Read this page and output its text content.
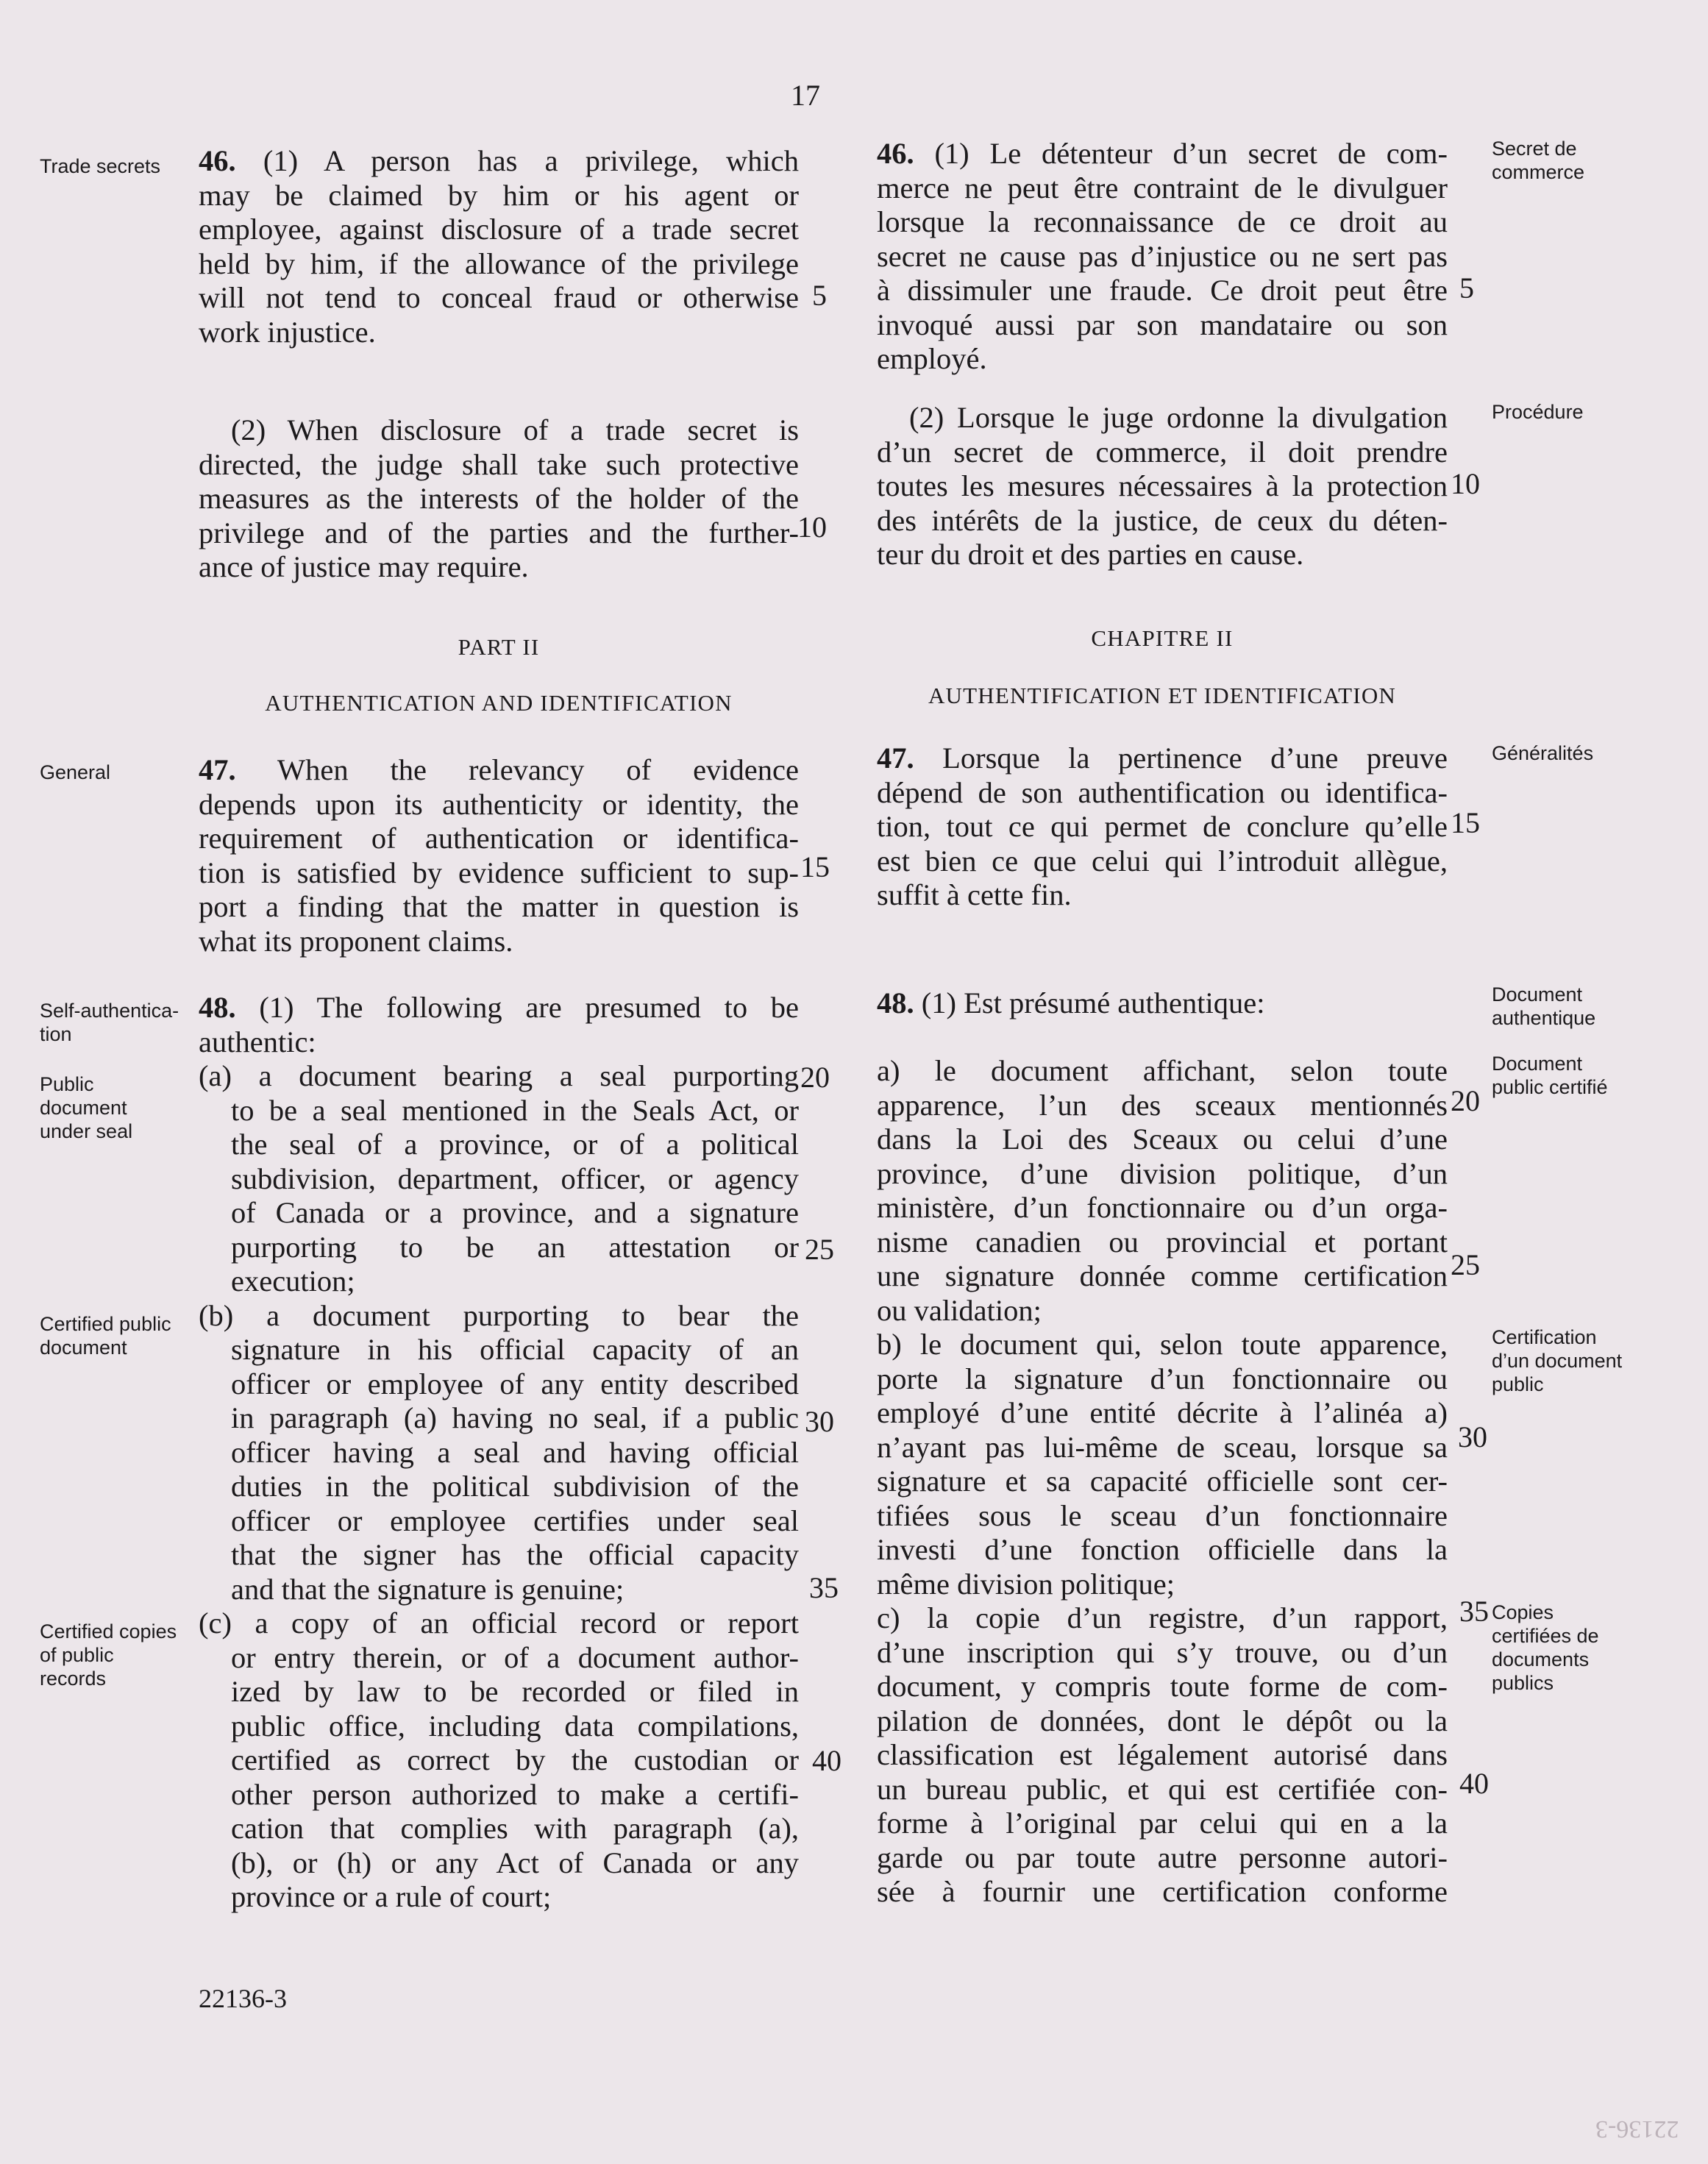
17

46. (1) A person has a privilege, which

may be claimed by him or his agent or

employee, against disclosure of a trade secret

held by him, if the allowance of the privilege

will not tend to conceal fraud or otherwise

work injustice.

(2) When disclosure of a trade secret is

directed, the judge shall take such protective

measures as the interests of the holder of the

privilege and of the parties and the further-

ance of justice may require.

PART II
AUTHENTICATION AND IDENTIFICATION

47. When the relevancy of evidence

depends upon its authenticity or identity, the

requirement of authentication or identifica-

tion is satisfied by evidence sufficient to sup-

port a finding that the matter in question is

what its proponent claims.

48. (1) The following are presumed to be

authentic:

(a) a document bearing a seal purporting

to be a seal mentioned in the Seals Act, or

the seal of a province, or of a political

subdivision, department, officer, or agency

of Canada or a province, and a signature

purporting to be an attestation or

execution;

(b) a document purporting to bear the

signature in his official capacity of an

officer or employee of any entity described

in paragraph (a) having no seal, if a public

officer having a seal and having official

duties in the political subdivision of the

officer or employee certifies under seal

that the signer has the official capacity

and that the signature is genuine;

(c) a copy of an official record or report

or entry therein, or of a document author-

ized by law to be recorded or filed in

public office, including data compilations,

certified as correct by the custodian or

other person authorized to make a certifi-

cation that complies with paragraph (a),

(b), or (h) or any Act of Canada or any

province or a rule of court;

5
10
15
20
25
30
35
40

46. (1) Le détenteur d’un secret de com-

merce ne peut être contraint de le divulguer

lorsque la reconnaissance de ce droit au

secret ne cause pas d’injustice ou ne sert pas

à dissimuler une fraude. Ce droit peut être

invoqué aussi par son mandataire ou son

employé.

(2) Lorsque le juge ordonne la divulgation

d’un secret de commerce, il doit prendre

toutes les mesures nécessaires à la protection

des intérêts de la justice, de ceux du déten-

teur du droit et des parties en cause.

CHAPITRE II
AUTHENTIFICATION ET IDENTIFICATION

47. Lorsque la pertinence d’une preuve

dépend de son authentification ou identifica-

tion, tout ce qui permet de conclure qu’elle

est bien ce que celui qui l’introduit allègue,

suffit à cette fin.

48. (1) Est présumé authentique:

a) le document affichant, selon toute

apparence, l’un des sceaux mentionnés

dans la Loi des Sceaux ou celui d’une

province, d’une division politique, d’un

ministère, d’un fonctionnaire ou d’un orga-

nisme canadien ou provincial et portant

une signature donnée comme certification

ou validation;

b) le document qui, selon toute apparence,

porte la signature d’un fonctionnaire ou

employé d’une entité décrite à l’alinéa a)

n’ayant pas lui-même de sceau, lorsque sa

signature et sa capacité officielle sont cer-

tifiées sous le sceau d’un fonctionnaire

investi d’une fonction officielle dans la

même division politique;

c) la copie d’un registre, d’un rapport,

d’une inscription qui s’y trouve, ou d’un

document, y compris toute forme de com-

pilation de données, dont le dépôt ou la

classification est légalement autorisé dans

un bureau public, et qui est certifiée con-

forme à l’original par celui qui en a la

garde ou par toute autre personne autori-

sée à fournir une certification conforme

5
10
15
20
25
30
35
40
Trade secrets
General
Self-authentica-
tion
Public
document
under seal
Certified public
document
Certified copies
of public
records
Secret de
commerce
Procédure
Généralités
Document
authentique
Document
public certifié
Certification
d’un document
public
Copies
certifiées de
documents
publics
22136-3
22136-3
